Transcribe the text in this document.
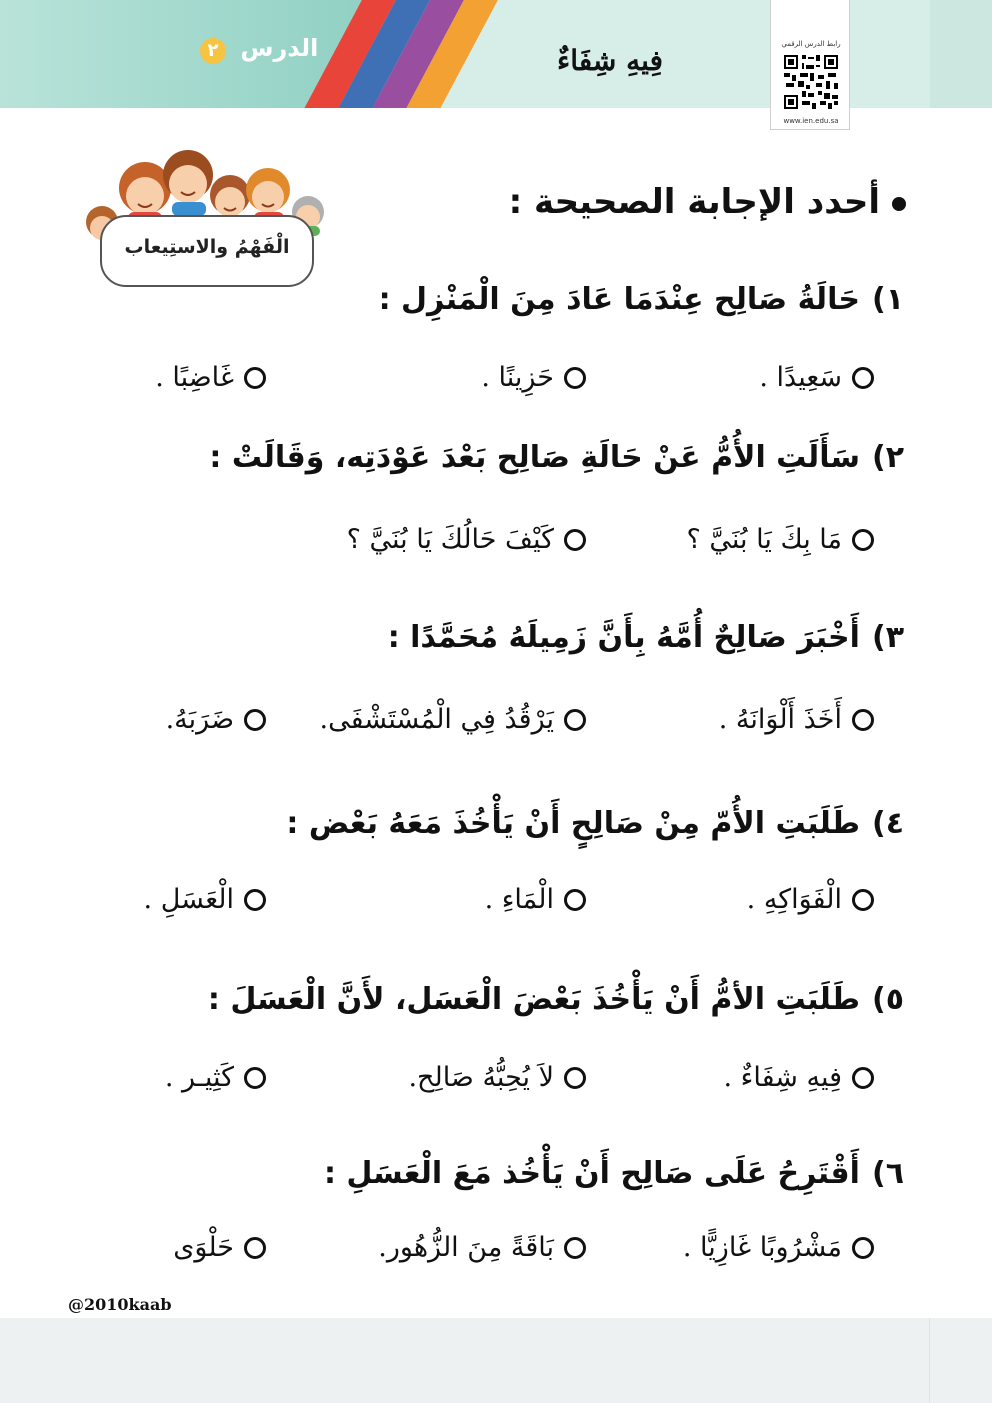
الدرس ٢	فِيهِ شِفَاءٌ	رابط الدرس الرقمي
www.ien.edu.sa
الْفَهْمُ والاستِيعاب
أحدد الإجابة الصحيحة :
١)حَالَةُ صَالِح عِنْدَمَا عَادَ مِنَ الْمَنْزِل :
سَعِيدًا .
حَزِينًا .
غَاضِبًا .
٢)سَأَلَتِ الأُمُّ عَنْ حَالَةِ صَالِح بَعْدَ عَوْدَتِه، وَقَالَتْ :
مَا بِكَ يَا بُنَيَّ ؟
كَيْفَ حَالُكَ يَا بُنَيَّ ؟
٣)أَخْبَرَ صَالِحٌ أُمَّهُ بِأَنَّ زَمِيلَهُ مُحَمَّدًا :
أَخَذَ أَلْوَانَهُ .
يَرْقُدُ فِي الْمُسْتَشْفَى.
ضَرَبَهُ.
٤)طَلَبَتِ الأُمّ مِنْ صَالِحٍ أَنْ يَأْخُذَ مَعَهُ بَعْض :
الْفَوَاكِهِ .
الْمَاءِ .
الْعَسَلِ .
٥)طَلَبَتِ الأمُّ أَنْ يَأْخُذَ بَعْضَ الْعَسَل، لأَنَّ الْعَسَلَ :
فِيهِ شِفَاءٌ .
لاَ يُحِبُّهُ صَالِح.
كَثِيـر .
٦)أَقْتَرِحُ عَلَى صَالِح أَنْ يَأْخُذ مَعَ الْعَسَلِ :
مَشْرُوبًا غَازِيًّا .
بَاقَةً مِنَ الزُّهُور.
حَلْوَى
@2010kaab
